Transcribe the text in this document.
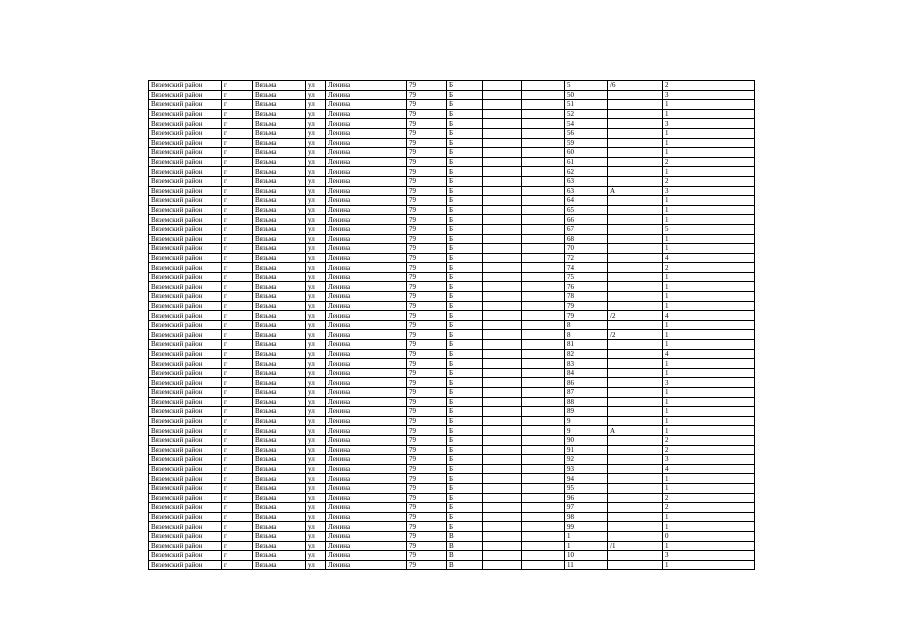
Вяземский район	г	Вязьма	ул	Ленина	79	Б			5	/6	2
Вяземский район	г	Вязьма	ул	Ленина	79	Б			50		3
Вяземский район	г	Вязьма	ул	Ленина	79	Б			51		1
Вяземский район	г	Вязьма	ул	Ленина	79	Б			52		1
Вяземский район	г	Вязьма	ул	Ленина	79	Б			54		3
Вяземский район	г	Вязьма	ул	Ленина	79	Б			56		1
Вяземский район	г	Вязьма	ул	Ленина	79	Б			59		1
Вяземский район	г	Вязьма	ул	Ленина	79	Б			60		1
Вяземский район	г	Вязьма	ул	Ленина	79	Б			61		2
Вяземский район	г	Вязьма	ул	Ленина	79	Б			62		1
Вяземский район	г	Вязьма	ул	Ленина	79	Б			63		2
Вяземский район	г	Вязьма	ул	Ленина	79	Б			63	А	3
Вяземский район	г	Вязьма	ул	Ленина	79	Б			64		1
Вяземский район	г	Вязьма	ул	Ленина	79	Б			65		1
Вяземский район	г	Вязьма	ул	Ленина	79	Б			66		1
Вяземский район	г	Вязьма	ул	Ленина	79	Б			67		5
Вяземский район	г	Вязьма	ул	Ленина	79	Б			68		1
Вяземский район	г	Вязьма	ул	Ленина	79	Б			70		1
Вяземский район	г	Вязьма	ул	Ленина	79	Б			72		4
Вяземский район	г	Вязьма	ул	Ленина	79	Б			74		2
Вяземский район	г	Вязьма	ул	Ленина	79	Б			75		1
Вяземский район	г	Вязьма	ул	Ленина	79	Б			76		1
Вяземский район	г	Вязьма	ул	Ленина	79	Б			78		1
Вяземский район	г	Вязьма	ул	Ленина	79	Б			79		1
Вяземский район	г	Вязьма	ул	Ленина	79	Б			79	/2	4
Вяземский район	г	Вязьма	ул	Ленина	79	Б			8		1
Вяземский район	г	Вязьма	ул	Ленина	79	Б			8	/2	1
Вяземский район	г	Вязьма	ул	Ленина	79	Б			81		1
Вяземский район	г	Вязьма	ул	Ленина	79	Б			82		4
Вяземский район	г	Вязьма	ул	Ленина	79	Б			83		1
Вяземский район	г	Вязьма	ул	Ленина	79	Б			84		1
Вяземский район	г	Вязьма	ул	Ленина	79	Б			86		3
Вяземский район	г	Вязьма	ул	Ленина	79	Б			87		1
Вяземский район	г	Вязьма	ул	Ленина	79	Б			88		1
Вяземский район	г	Вязьма	ул	Ленина	79	Б			89		1
Вяземский район	г	Вязьма	ул	Ленина	79	Б			9		1
Вяземский район	г	Вязьма	ул	Ленина	79	Б			9	А	1
Вяземский район	г	Вязьма	ул	Ленина	79	Б			90		2
Вяземский район	г	Вязьма	ул	Ленина	79	Б			91		2
Вяземский район	г	Вязьма	ул	Ленина	79	Б			92		3
Вяземский район	г	Вязьма	ул	Ленина	79	Б			93		4
Вяземский район	г	Вязьма	ул	Ленина	79	Б			94		1
Вяземский район	г	Вязьма	ул	Ленина	79	Б			95		1
Вяземский район	г	Вязьма	ул	Ленина	79	Б			96		2
Вяземский район	г	Вязьма	ул	Ленина	79	Б			97		2
Вяземский район	г	Вязьма	ул	Ленина	79	Б			98		1
Вяземский район	г	Вязьма	ул	Ленина	79	Б			99		1
Вяземский район	г	Вязьма	ул	Ленина	79	В			1		0
Вяземский район	г	Вязьма	ул	Ленина	79	В			1	/1	1
Вяземский район	г	Вязьма	ул	Ленина	79	В			10		3
Вяземский район	г	Вязьма	ул	Ленина	79	В			11		1
